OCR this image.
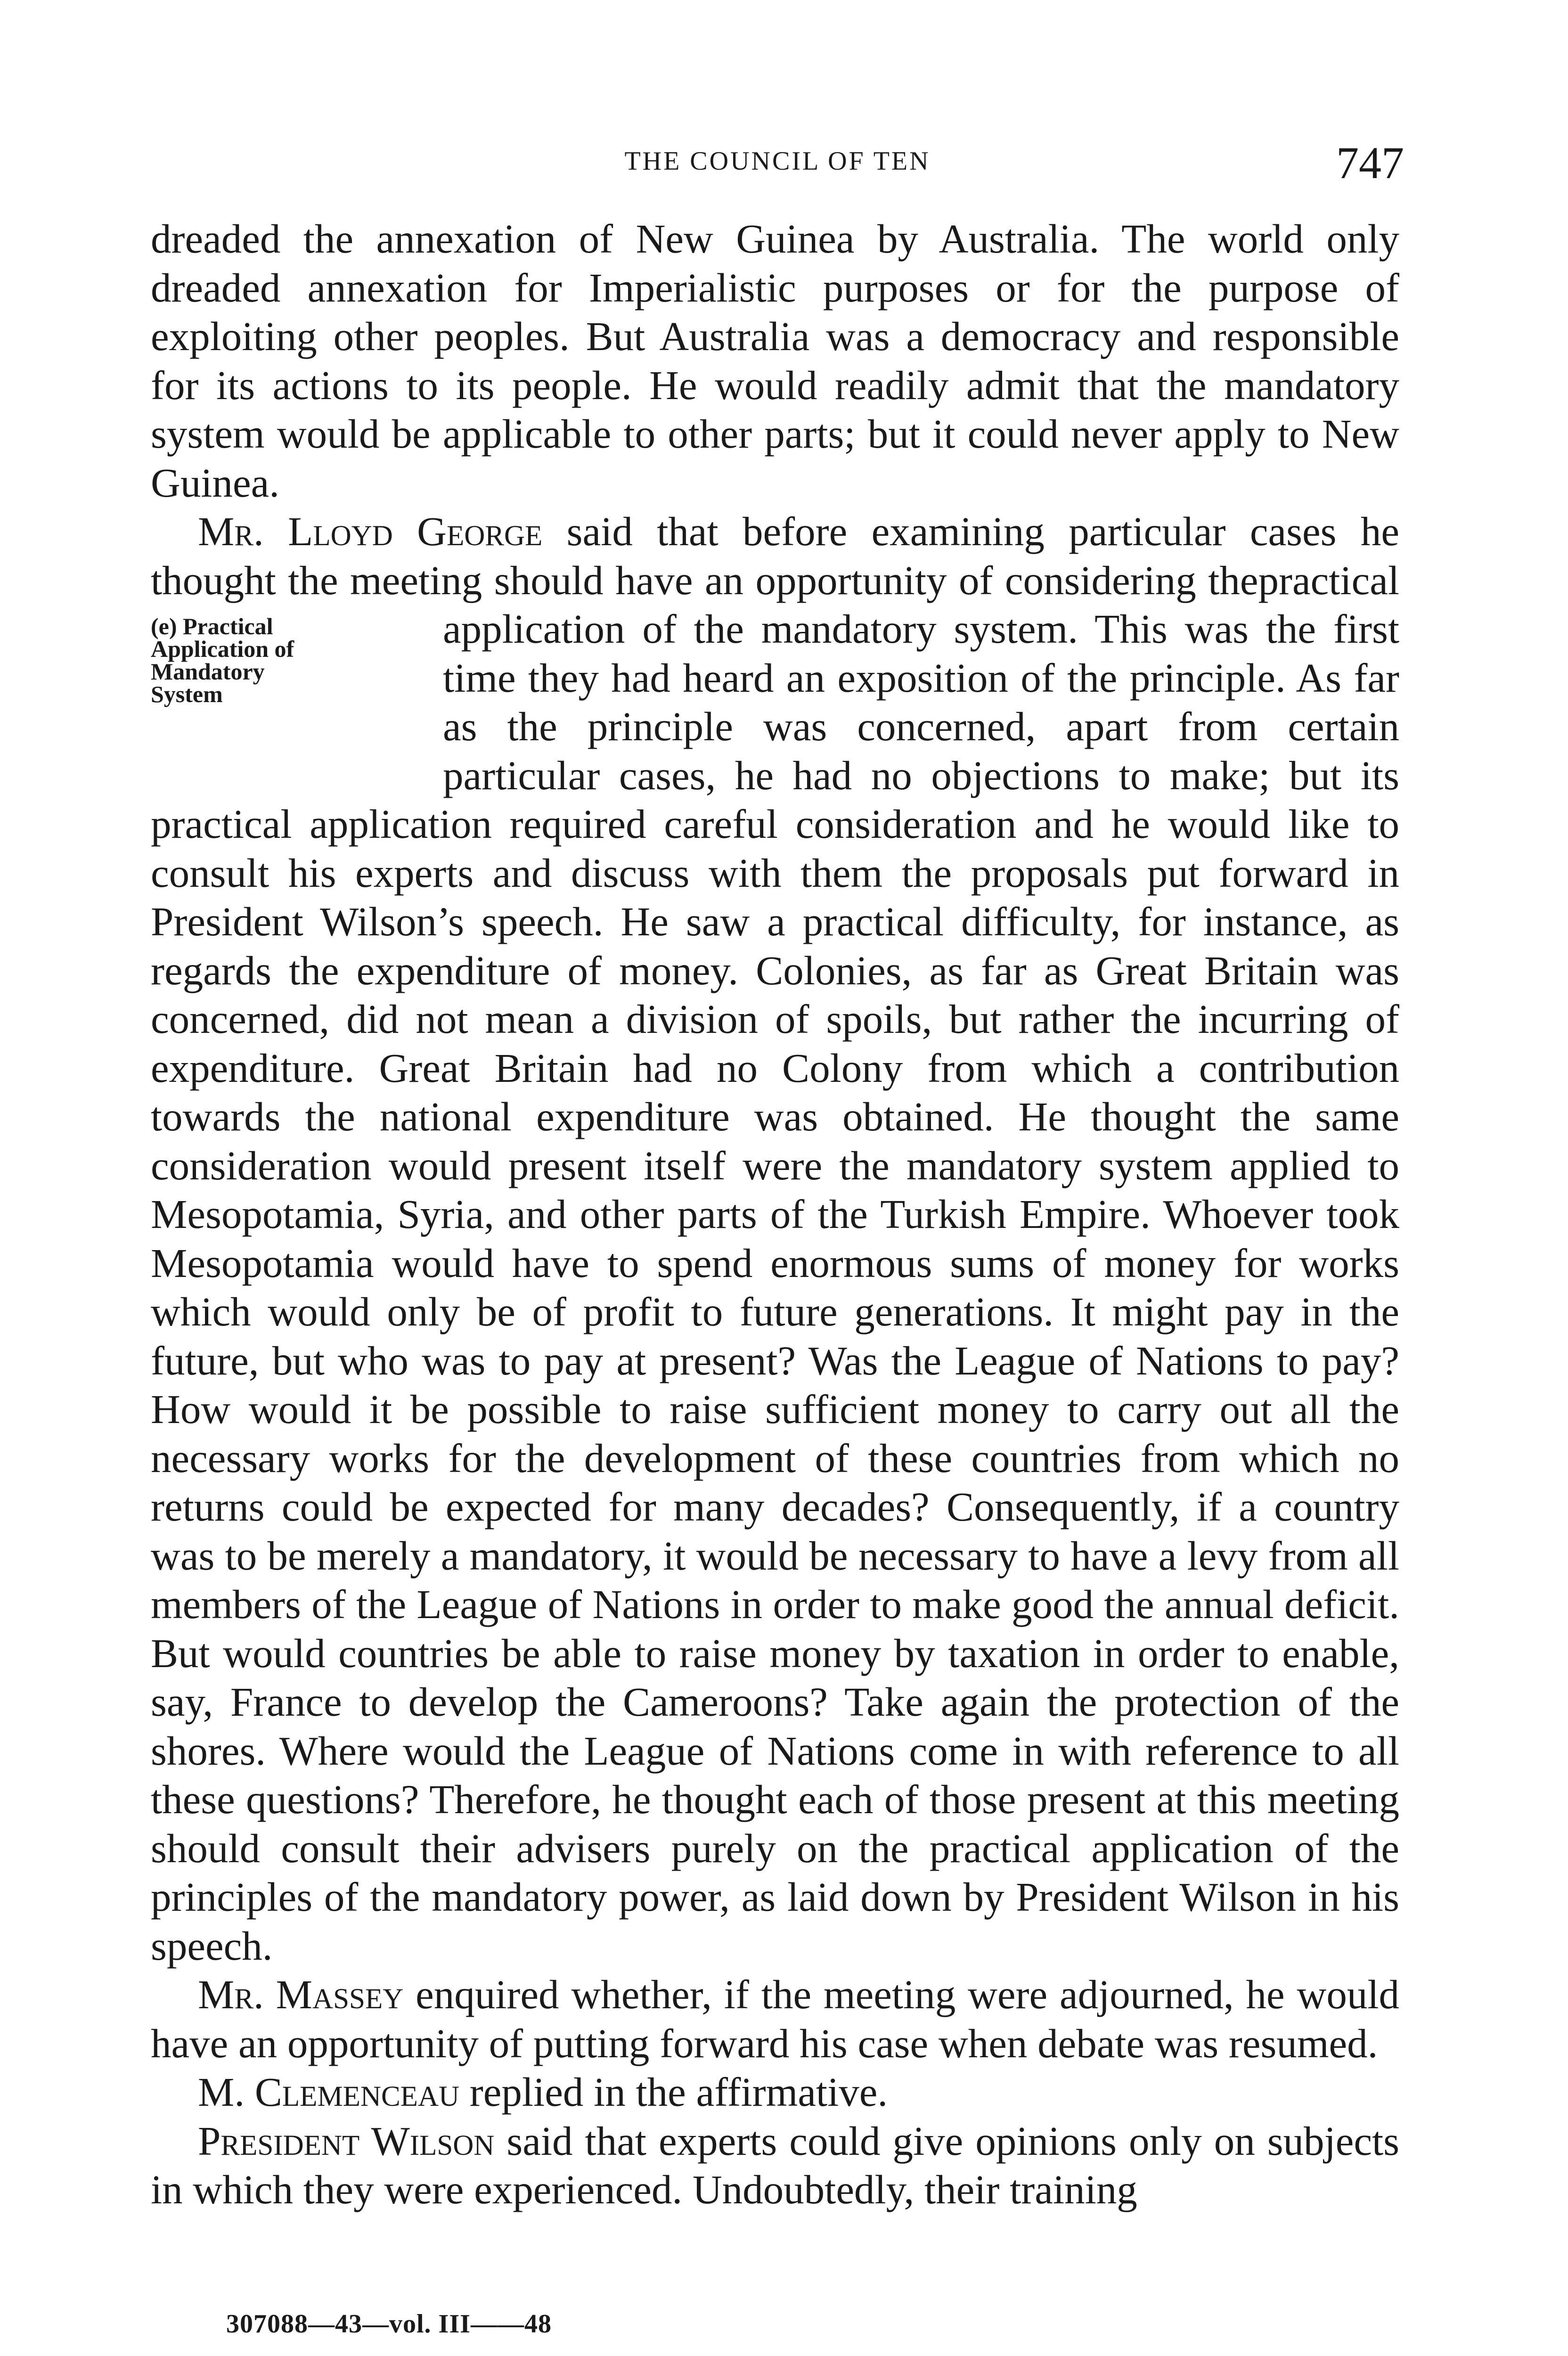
THE COUNCIL OF TEN	747

dreaded the annexation of New Guinea by Australia. The world only dreaded annexation for Imperialistic purposes or for the purpose of exploiting other peoples. But Australia was a democracy and responsible for its actions to its people. He would readily admit that the mandatory system would be applicable to other parts; but it could never apply to New Guinea.

Mr. Lloyd George said that before examining particular cases he thought the meeting should have an opportunity of considering the
(e) Practical
Application of
Mandatory
System
practical application of the mandatory system. This was the first time they had heard an exposition of the principle. As far as the principle was concerned, apart from certain particular cases, he had no objections to make; but its practical application required careful consideration and he would like to consult his experts and discuss with them the proposals put forward in President Wilson’s speech. He saw a practical difficulty, for instance, as regards the expenditure of money. Colonies, as far as Great Britain was concerned, did not mean a division of spoils, but rather the incurring of expenditure. Great Britain had no Colony from which a contribution towards the national expenditure was obtained. He thought the same consideration would present itself were the mandatory system applied to Mesopotamia, Syria, and other parts of the Turkish Empire. Whoever took Mesopotamia would have to spend enormous sums of money for works which would only be of profit to future generations. It might pay in the future, but who was to pay at present? Was the League of Nations to pay? How would it be possible to raise sufficient money to carry out all the necessary works for the development of these countries from which no returns could be expected for many decades? Consequently, if a country was to be merely a mandatory, it would be necessary to have a levy from all members of the League of Nations in order to make good the annual deficit. But would countries be able to raise money by taxation in order to enable, say, France to develop the Cameroons? Take again the protection of the shores. Where would the League of Nations come in with reference to all these questions? Therefore, he thought each of those present at this meeting should consult their advisers purely on the practical application of the principles of the mandatory power, as laid down by President Wilson in his speech.

Mr. Massey enquired whether, if the meeting were adjourned, he would have an opportunity of putting forward his case when debate was resumed.

M. Clemenceau replied in the affirmative.

President Wilson said that experts could give opinions only on subjects in which they were experienced. Undoubtedly, their training

307088—43—vol. III——48
